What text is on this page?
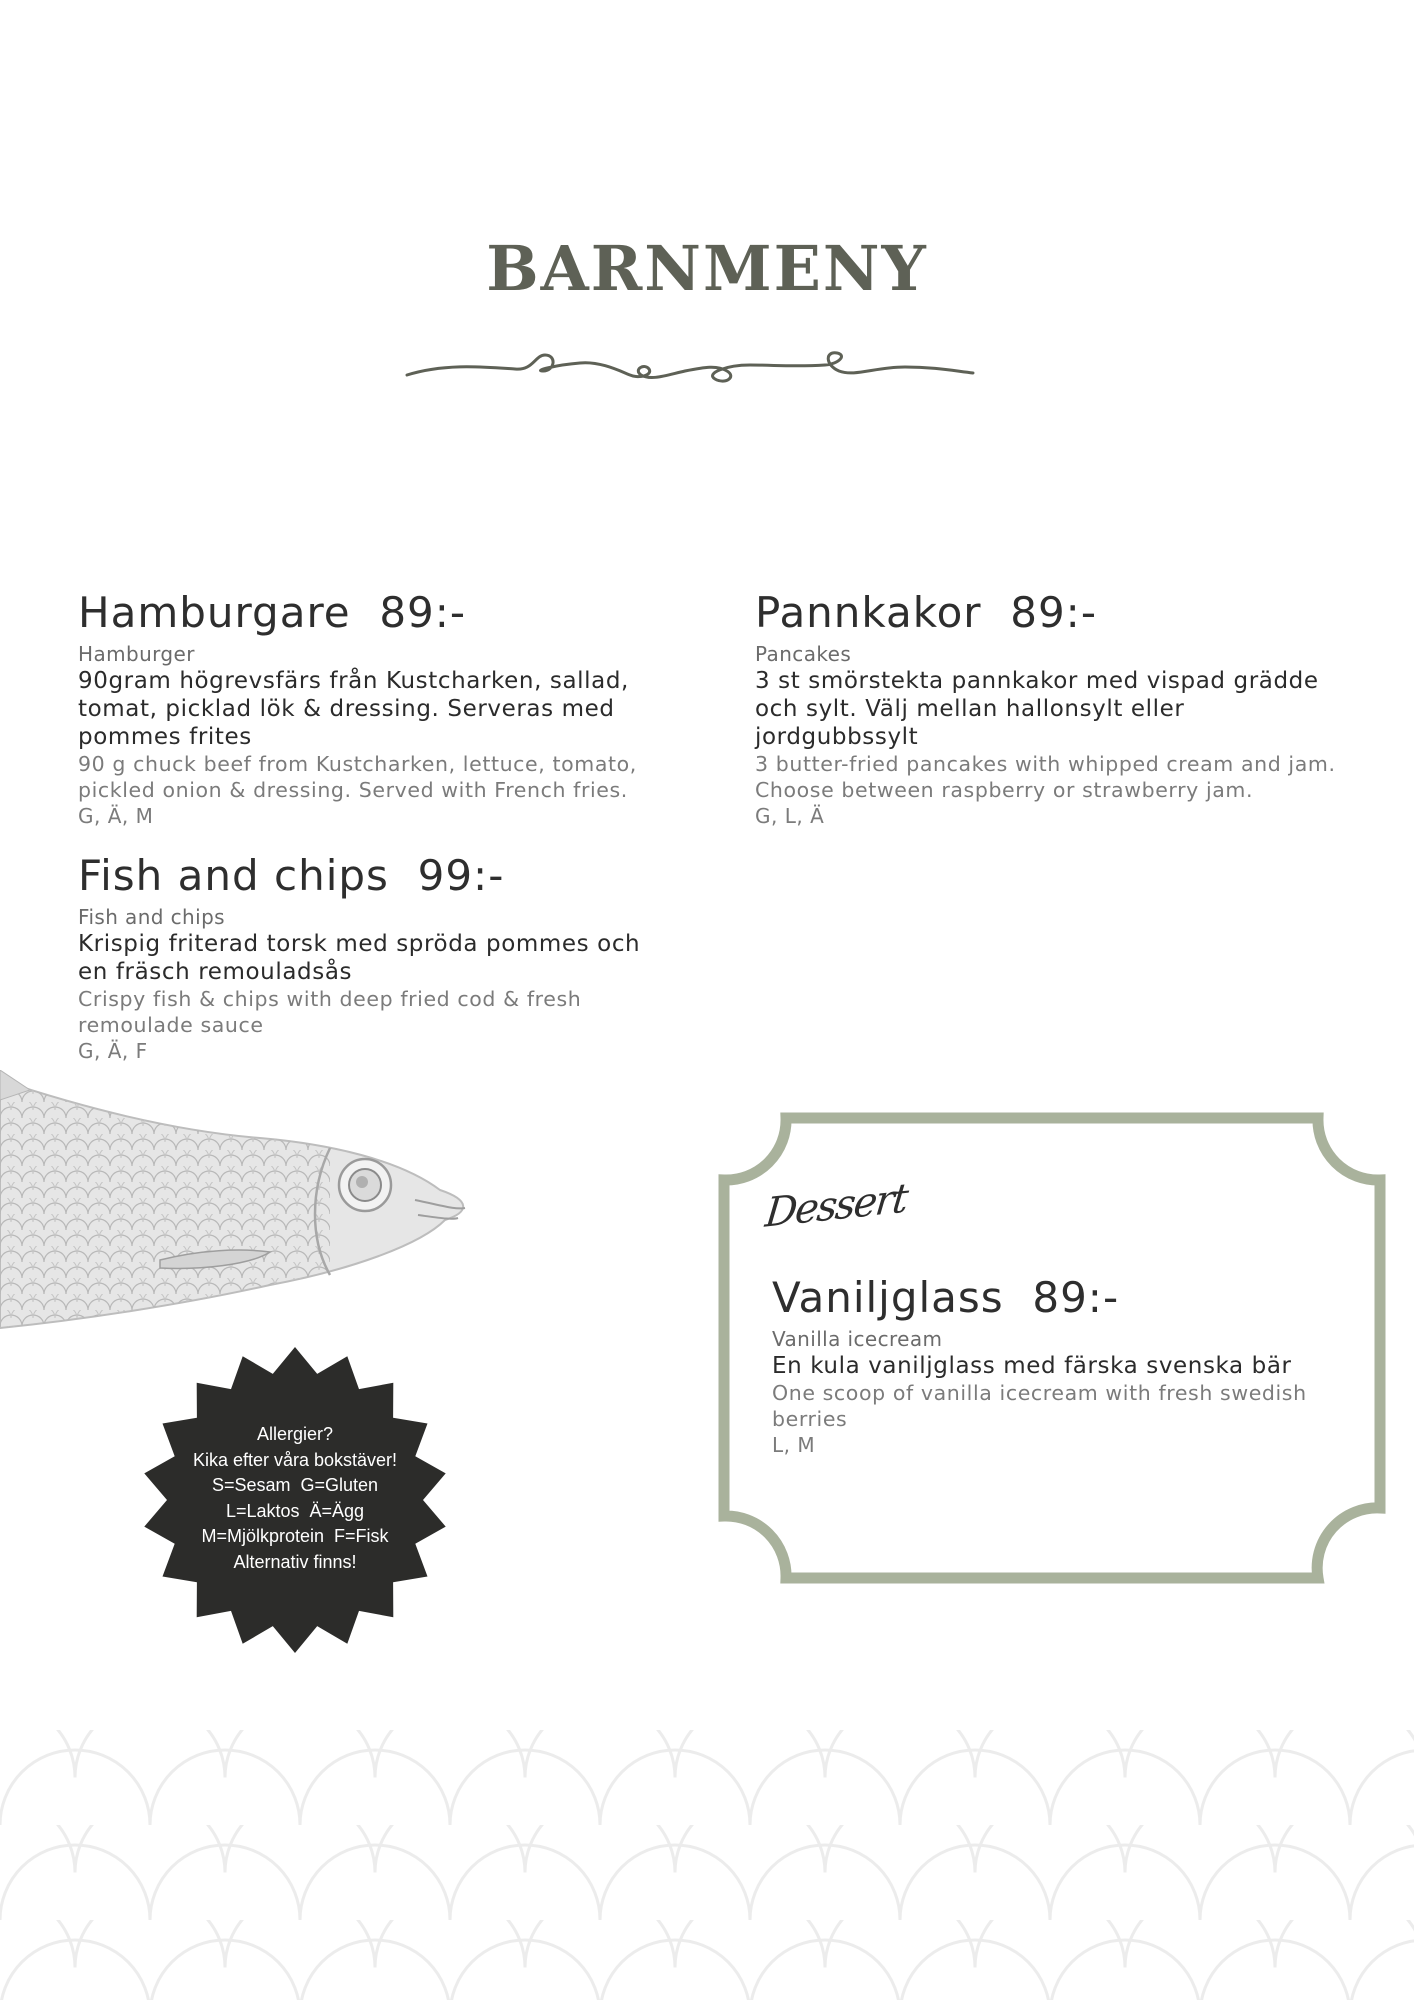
BARNMENY
Hamburgare  89:-
Hamburger
90gram högrevsfärs från Kustcharken, sallad, tomat, picklad lök & dressing. Serveras med pommes frites
90 g chuck beef from Kustcharken, lettuce, tomato, pickled onion & dressing. Served with French fries.
G, Ä, M
Pannkakor  89:-
Pancakes
3 st smörstekta pannkakor med vispad grädde och sylt. Välj mellan hallonsylt eller jordgubbssylt
3 butter-fried pancakes with whipped cream and jam. Choose between raspberry or strawberry jam.
G, L, Ä
Fish and chips  99:-
Fish and chips
Krispig friterad torsk med spröda pommes och en fräsch remouladsås
Crispy fish & chips with deep fried cod & fresh remoulade sauce
G, Ä, F
Allergier?
Kika efter våra bokstäver!
S=Sesam  G=Gluten
L=Laktos  Ä=Ägg
M=Mjölkprotein  F=Fisk
Alternativ finns!
Dessert
Vaniljglass  89:-
Vanilla icecream
En kula vaniljglass med färska svenska bär
One scoop of vanilla icecream with fresh swedish berries
L, M
